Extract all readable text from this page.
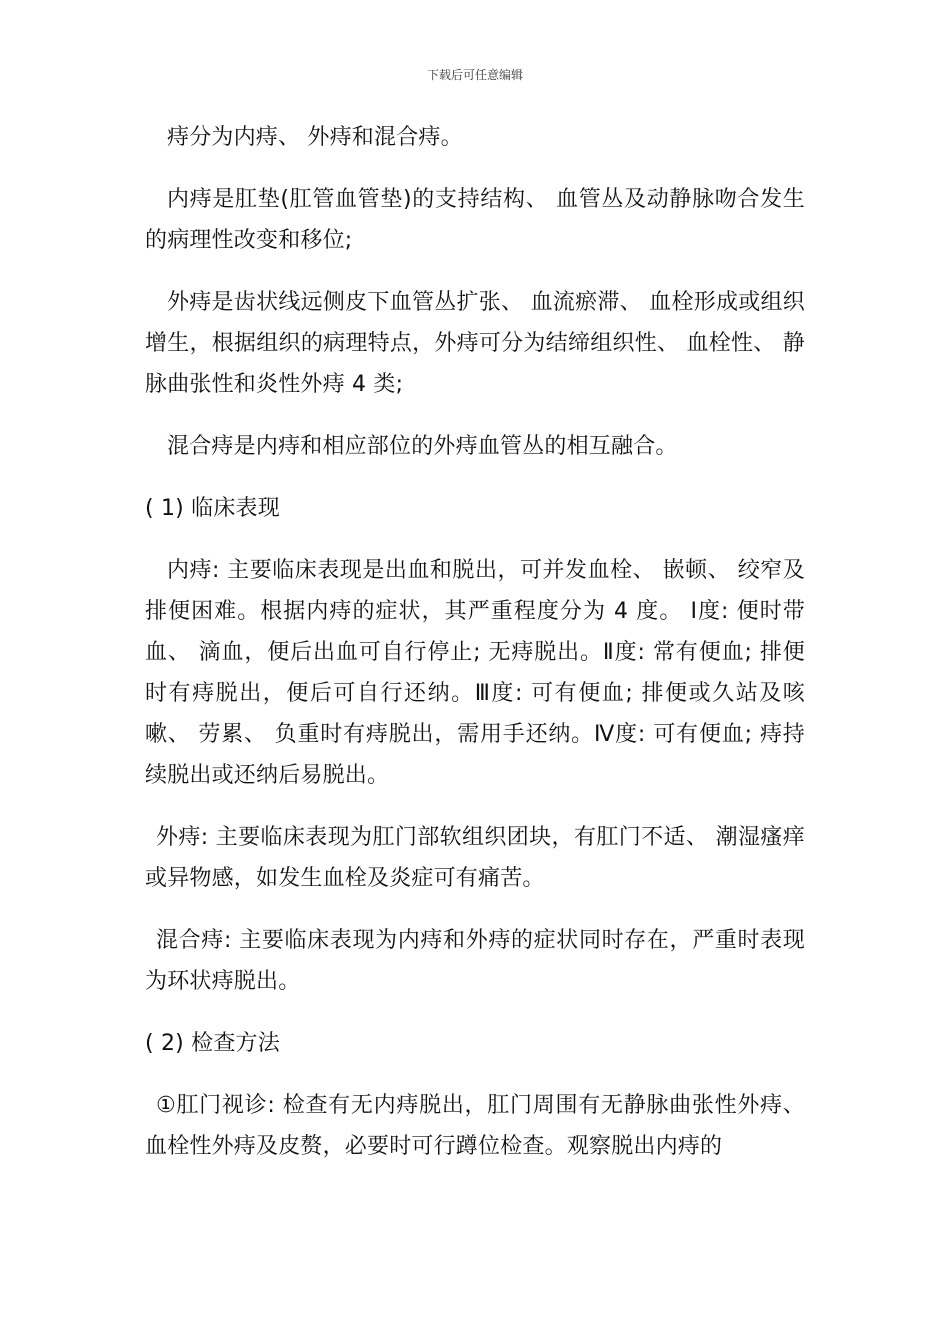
下载后可任意编辑

痔分为内痔、 外痔和混合痔。

内痔是肛垫(肛管血管垫)的支持结构、 血管丛及动静脉吻合发生的病理性改变和移位;

外痔是齿状线远侧皮下血管丛扩张、 血流瘀滞、 血栓形成或组织增生，根据组织的病理特点，外痔可分为结缔组织性、 血栓性、 静脉曲张性和炎性外痔 4 类;

混合痔是内痔和相应部位的外痔血管丛的相互融合。

( 1) 临床表现

内痔: 主要临床表现是出血和脱出，可并发血栓、 嵌顿、 绞窄及排便困难。根据内痔的症状，其严重程度分为 4 度。 Ⅰ度: 便时带血、 滴血，便后出血可自行停止; 无痔脱出。Ⅱ度: 常有便血; 排便时有痔脱出，便后可自行还纳。Ⅲ度: 可有便血; 排便或久站及咳嗽、 劳累、 负重时有痔脱出，需用手还纳。Ⅳ度: 可有便血; 痔持续脱出或还纳后易脱出。

外痔: 主要临床表现为肛门部软组织团块，有肛门不适、 潮湿瘙痒或异物感，如发生血栓及炎症可有痛苦。

混合痔: 主要临床表现为内痔和外痔的症状同时存在，严重时表现为环状痔脱出。

( 2) 检查方法

①肛门视诊: 检查有无内痔脱出，肛门周围有无静脉曲张性外痔、 血栓性外痔及皮赘，必要时可行蹲位检查。观察脱出内痔的
